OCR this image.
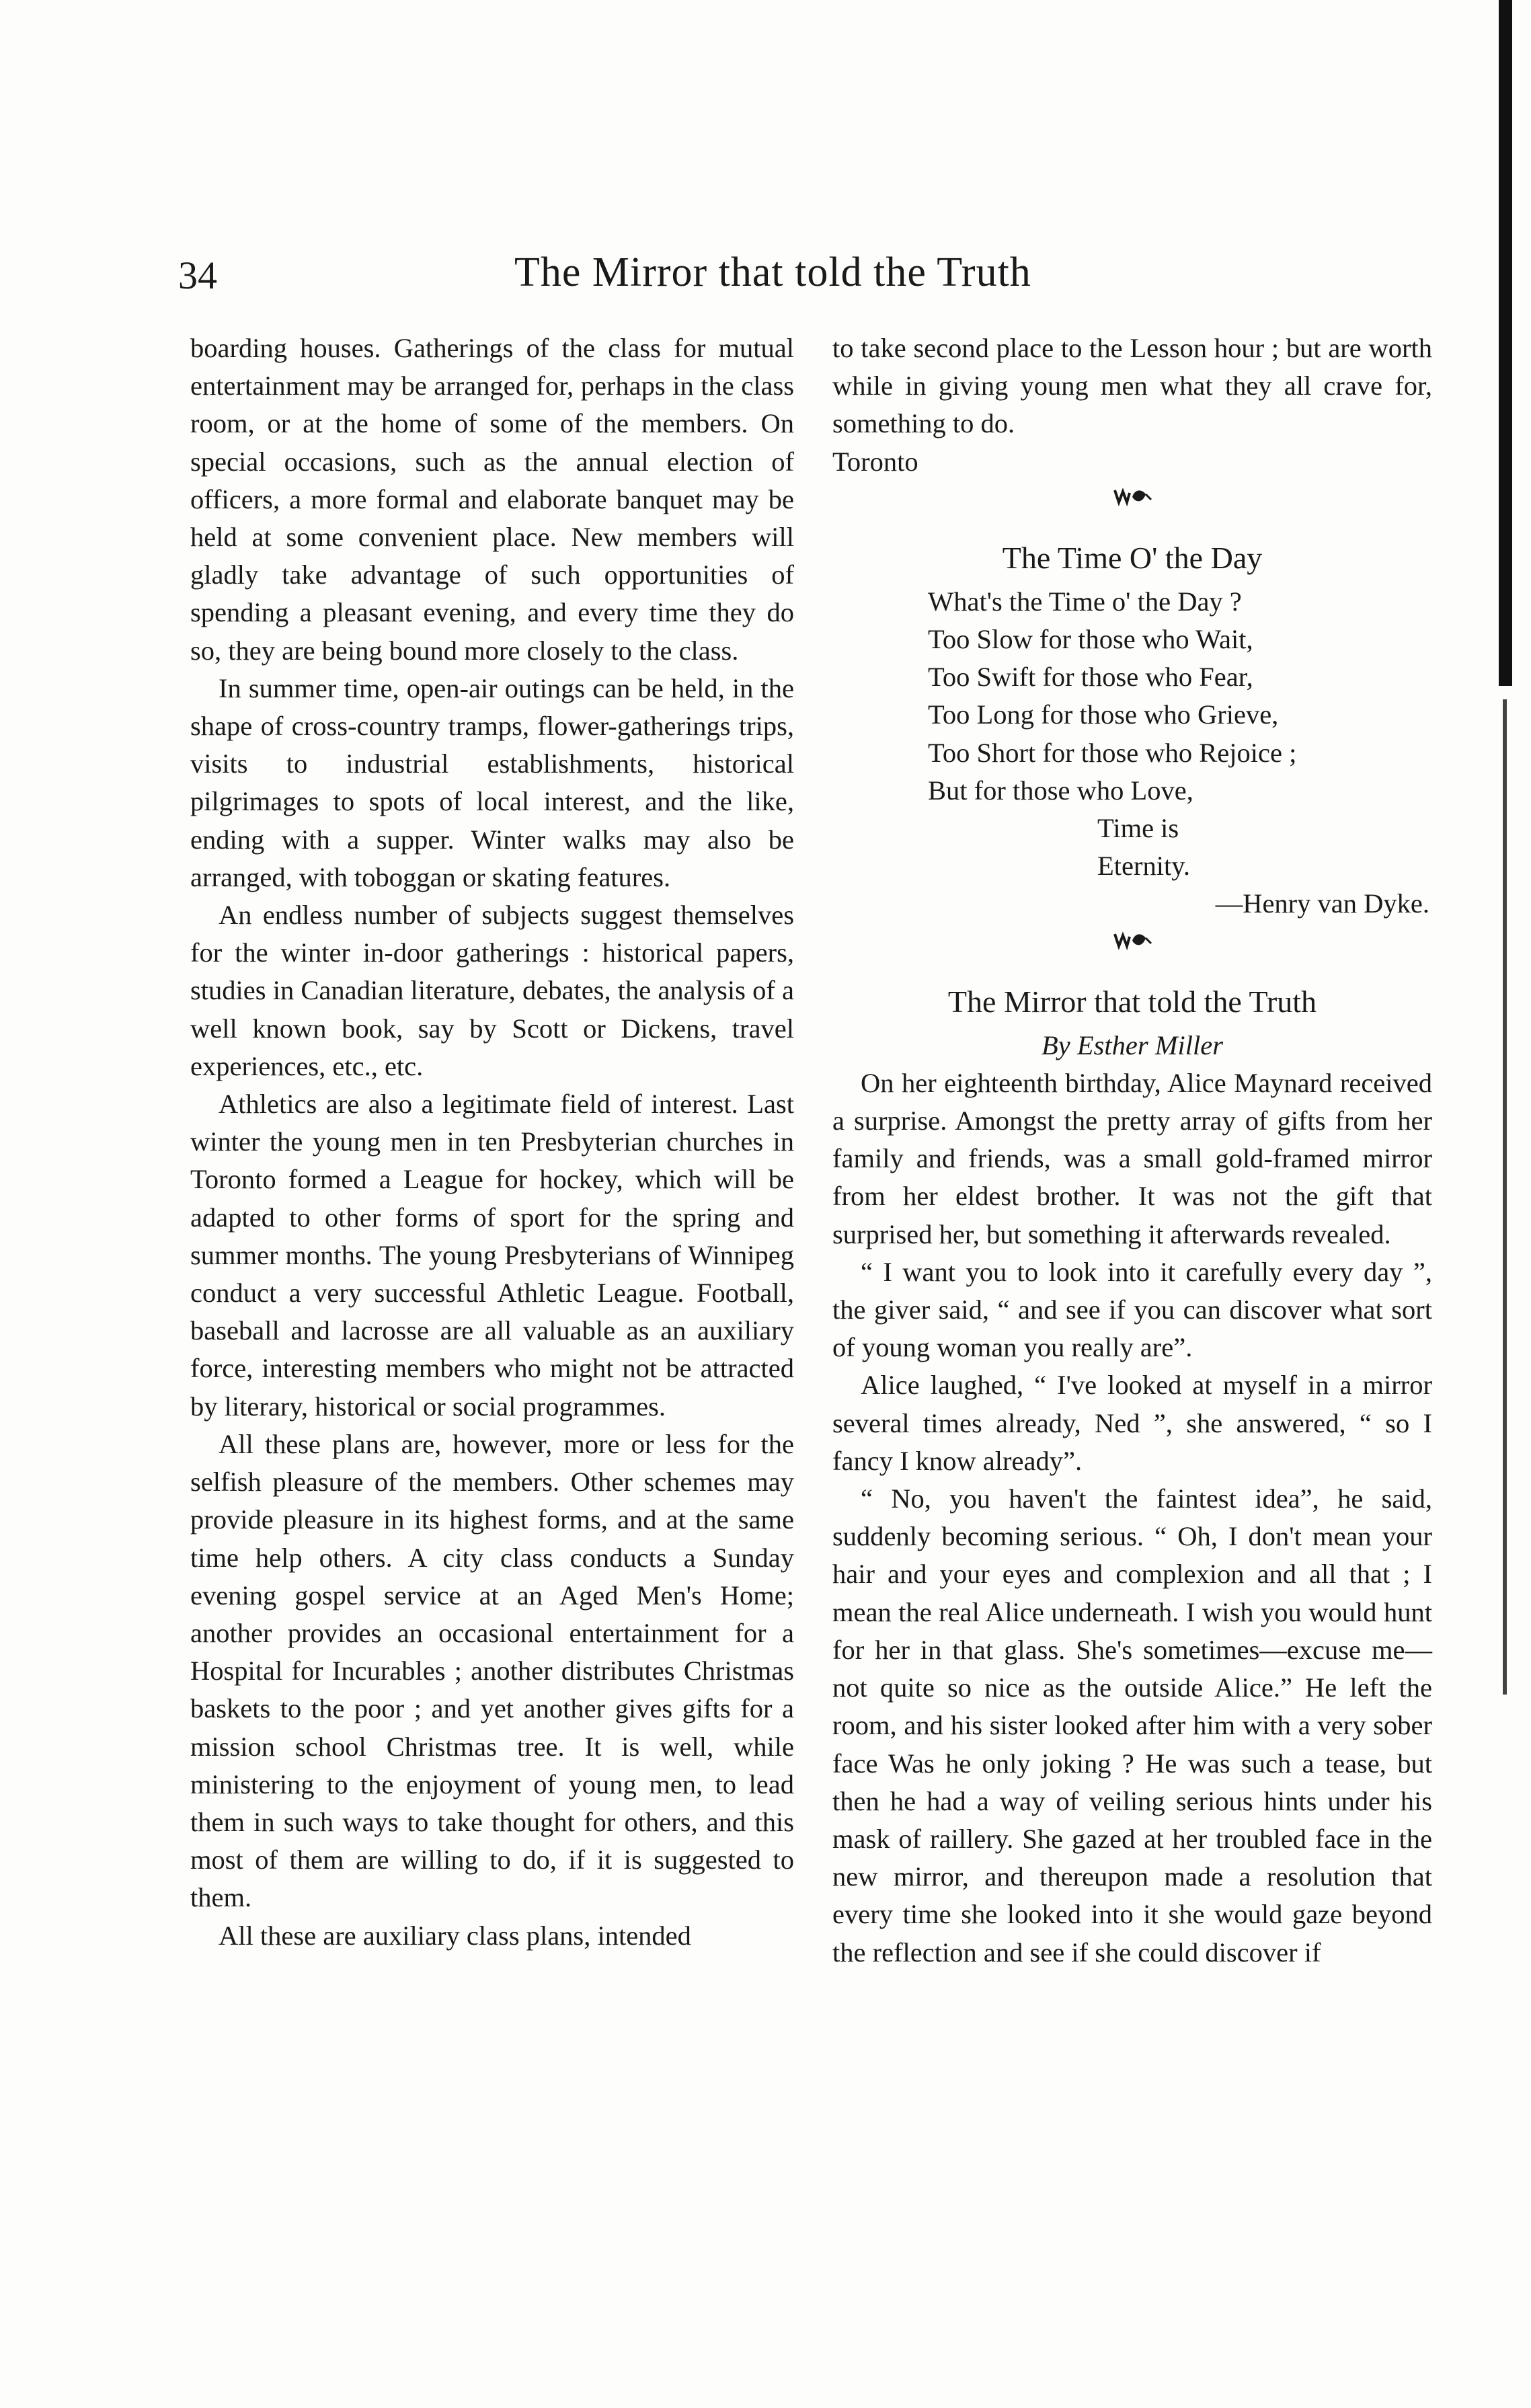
34	The Mirror that told the Truth

boarding houses. Gatherings of the class for mutual entertainment may be arranged for, perhaps in the class room, or at the home of some of the members. On special occasions, such as the annual election of officers, a more formal and elaborate banquet may be held at some convenient place. New members will gladly take advantage of such opportunities of spending a pleasant evening, and every time they do so, they are being bound more closely to the class.

In summer time, open-air outings can be held, in the shape of cross-country tramps, flower-gatherings trips, visits to industrial establishments, historical pilgrimages to spots of local interest, and the like, ending with a supper. Winter walks may also be arranged, with toboggan or skating features.

An endless number of subjects suggest themselves for the winter in-door gatherings : historical papers, studies in Canadian literature, debates, the analysis of a well known book, say by Scott or Dickens, travel experiences, etc., etc.

Athletics are also a legitimate field of interest. Last winter the young men in ten Presbyterian churches in Toronto formed a League for hockey, which will be adapted to other forms of sport for the spring and summer months. The young Presbyterians of Winnipeg conduct a very successful Athletic League. Football, baseball and lacrosse are all valuable as an auxiliary force, interesting members who might not be attracted by literary, historical or social programmes.

All these plans are, however, more or less for the selfish pleasure of the members. Other schemes may provide pleasure in its highest forms, and at the same time help others. A city class conducts a Sunday evening gospel service at an Aged Men's Home; another provides an occasional entertainment for a Hospital for Incurables ; another distributes Christmas baskets to the poor ; and yet another gives gifts for a mission school Christmas tree. It is well, while ministering to the enjoyment of young men, to lead them in such ways to take thought for others, and this most of them are willing to do, if it is suggested to them.

All these are auxiliary class plans, intended

to take second place to the Lesson hour ; but are worth while in giving young men what they all crave for, something to do.

Toronto

The Time O' the Day
What's the Time o' the Day ?
Too Slow for those who Wait,
Too Swift for those who Fear,
Too Long for those who Grieve,
Too Short for those who Rejoice ;
But for those who Love,
Time is
Eternity.
—Henry van Dyke.
The Mirror that told the Truth

By Esther Miller

On her eighteenth birthday, Alice Maynard received a surprise. Amongst the pretty array of gifts from her family and friends, was a small gold-framed mirror from her eldest brother. It was not the gift that surprised her, but something it afterwards revealed.

“ I want you to look into it carefully every day ”, the giver said, “ and see if you can discover what sort of young woman you really are”.

Alice laughed, “ I've looked at myself in a mirror several times already, Ned ”, she answered, “ so I fancy I know already”.

“ No, you haven't the faintest idea”, he said, suddenly becoming serious. “ Oh, I don't mean your hair and your eyes and complexion and all that ; I mean the real Alice underneath. I wish you would hunt for her in that glass. She's sometimes—excuse me—not quite so nice as the outside Alice.” He left the room, and his sister looked after him with a very sober face Was he only joking ? He was such a tease, but then he had a way of veiling serious hints under his mask of raillery. She gazed at her troubled face in the new mirror, and thereupon made a resolution that every time she looked into it she would gaze beyond the reflection and see if she could discover if
